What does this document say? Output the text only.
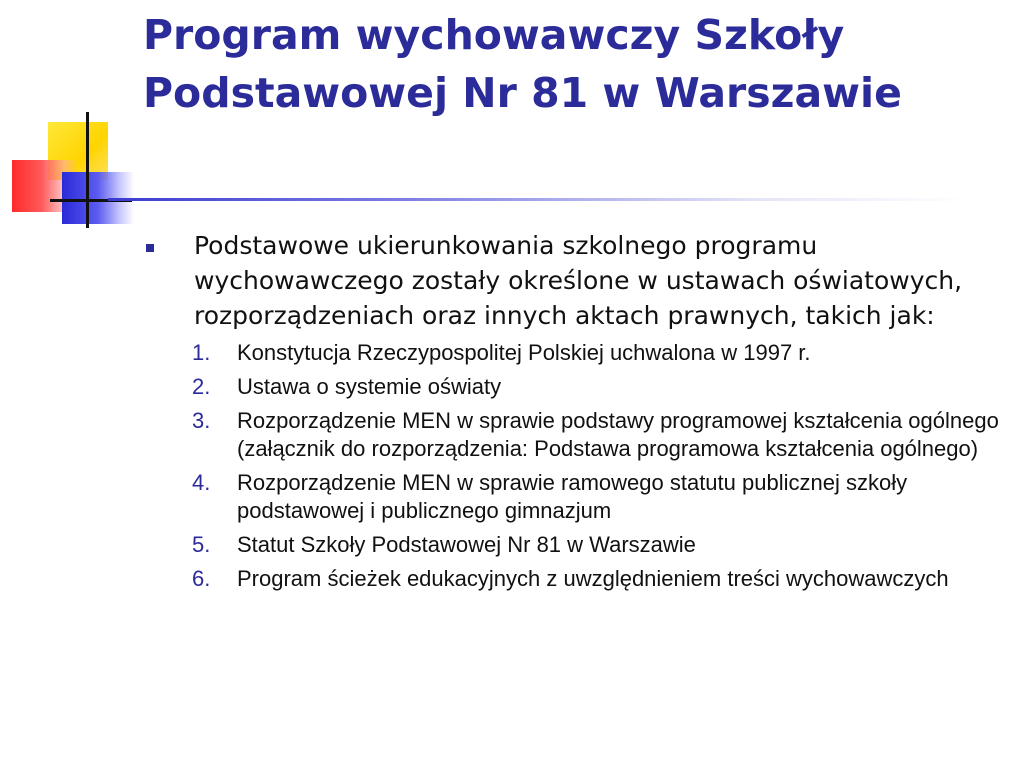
Program wychowawczy Szkoły Podstawowej Nr 81 w Warszawie
Podstawowe ukierunkowania szkolnego programu wychowawczego zostały określone w ustawach oświatowych, rozporządzeniach oraz innych aktach prawnych, takich jak:
1. Konstytucja Rzeczypospolitej Polskiej uchwalona w 1997 r.
2. Ustawa o systemie oświaty
3. Rozporządzenie MEN w sprawie podstawy programowej kształcenia ogólnego (załącznik do rozporządzenia: Podstawa programowa kształcenia ogólnego)
4. Rozporządzenie MEN w sprawie ramowego statutu publicznej szkoły podstawowej i publicznego gimnazjum
5. Statut Szkoły Podstawowej Nr 81 w Warszawie
6. Program ścieżek edukacyjnych z uwzględnieniem treści wychowawczych
